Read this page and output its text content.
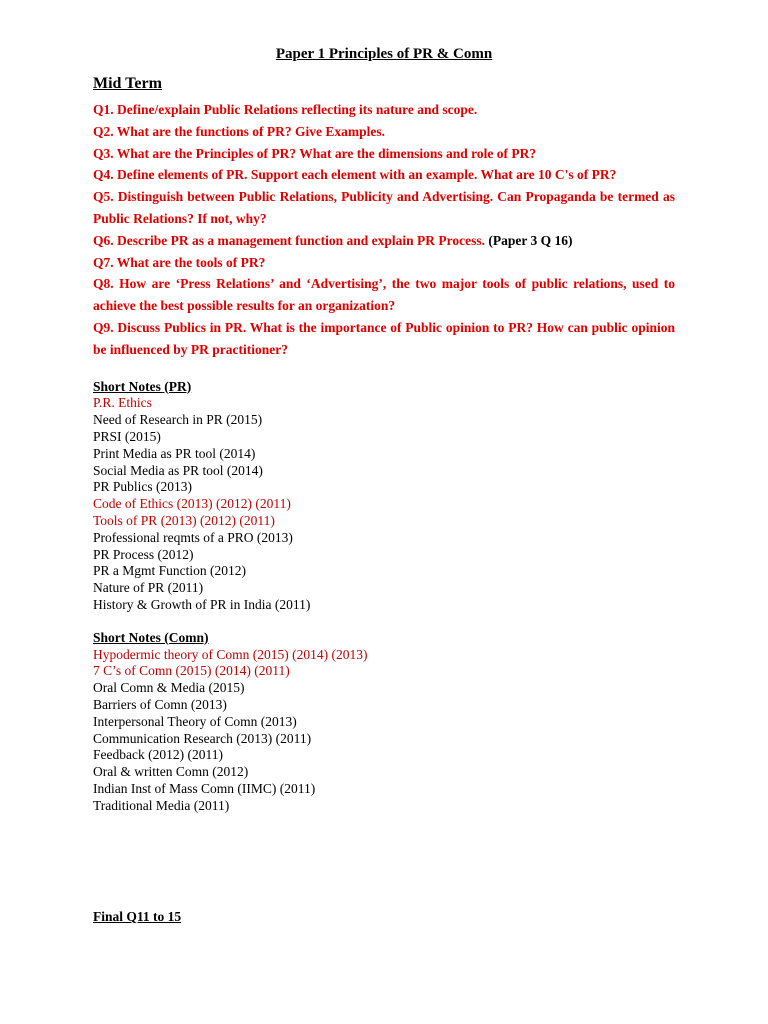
Paper 1 Principles of PR & Comn
Mid Term

Q1. Define/explain Public Relations reflecting its nature and scope.

Q2. What are the functions of PR? Give Examples.

Q3. What are the Principles of PR? What are the dimensions and role of PR?

Q4. Define elements of PR. Support each element with an example. What are 10 C's of PR?

Q5. Distinguish between Public Relations, Publicity and Advertising. Can Propaganda be termed as Public Relations? If not, why?

Q6. Describe PR as a management function and explain PR Process. (Paper 3 Q 16)

Q7. What are the tools of PR?

Q8. How are ‘Press Relations’ and ‘Advertising’, the two major tools of public relations, used to achieve the best possible results for an organization?

Q9. Discuss Publics in PR. What is the importance of Public opinion to PR? How can public opinion be influenced by PR practitioner?

Short Notes (PR)
P.R. Ethics
Need of Research in PR (2015)
PRSI (2015)
Print Media as PR tool (2014)
Social Media as PR tool (2014)
PR Publics (2013)
Code of Ethics (2013) (2012) (2011)
Tools of PR (2013) (2012) (2011)
Professional reqmts of a PRO (2013)
PR Process (2012)
PR a Mgmt Function (2012)
Nature of PR (2011)
History & Growth of PR in India (2011)
Short Notes (Comn)
Hypodermic theory of Comn (2015) (2014) (2013)
7 C’s of Comn (2015) (2014) (2011)
Oral Comn & Media (2015)
Barriers of Comn (2013)
Interpersonal Theory of Comn (2013)
Communication Research (2013) (2011)
Feedback (2012) (2011)
Oral & written Comn (2012)
Indian Inst of Mass Comn (IIMC) (2011)
Traditional Media (2011)
Final Q11 to 15
